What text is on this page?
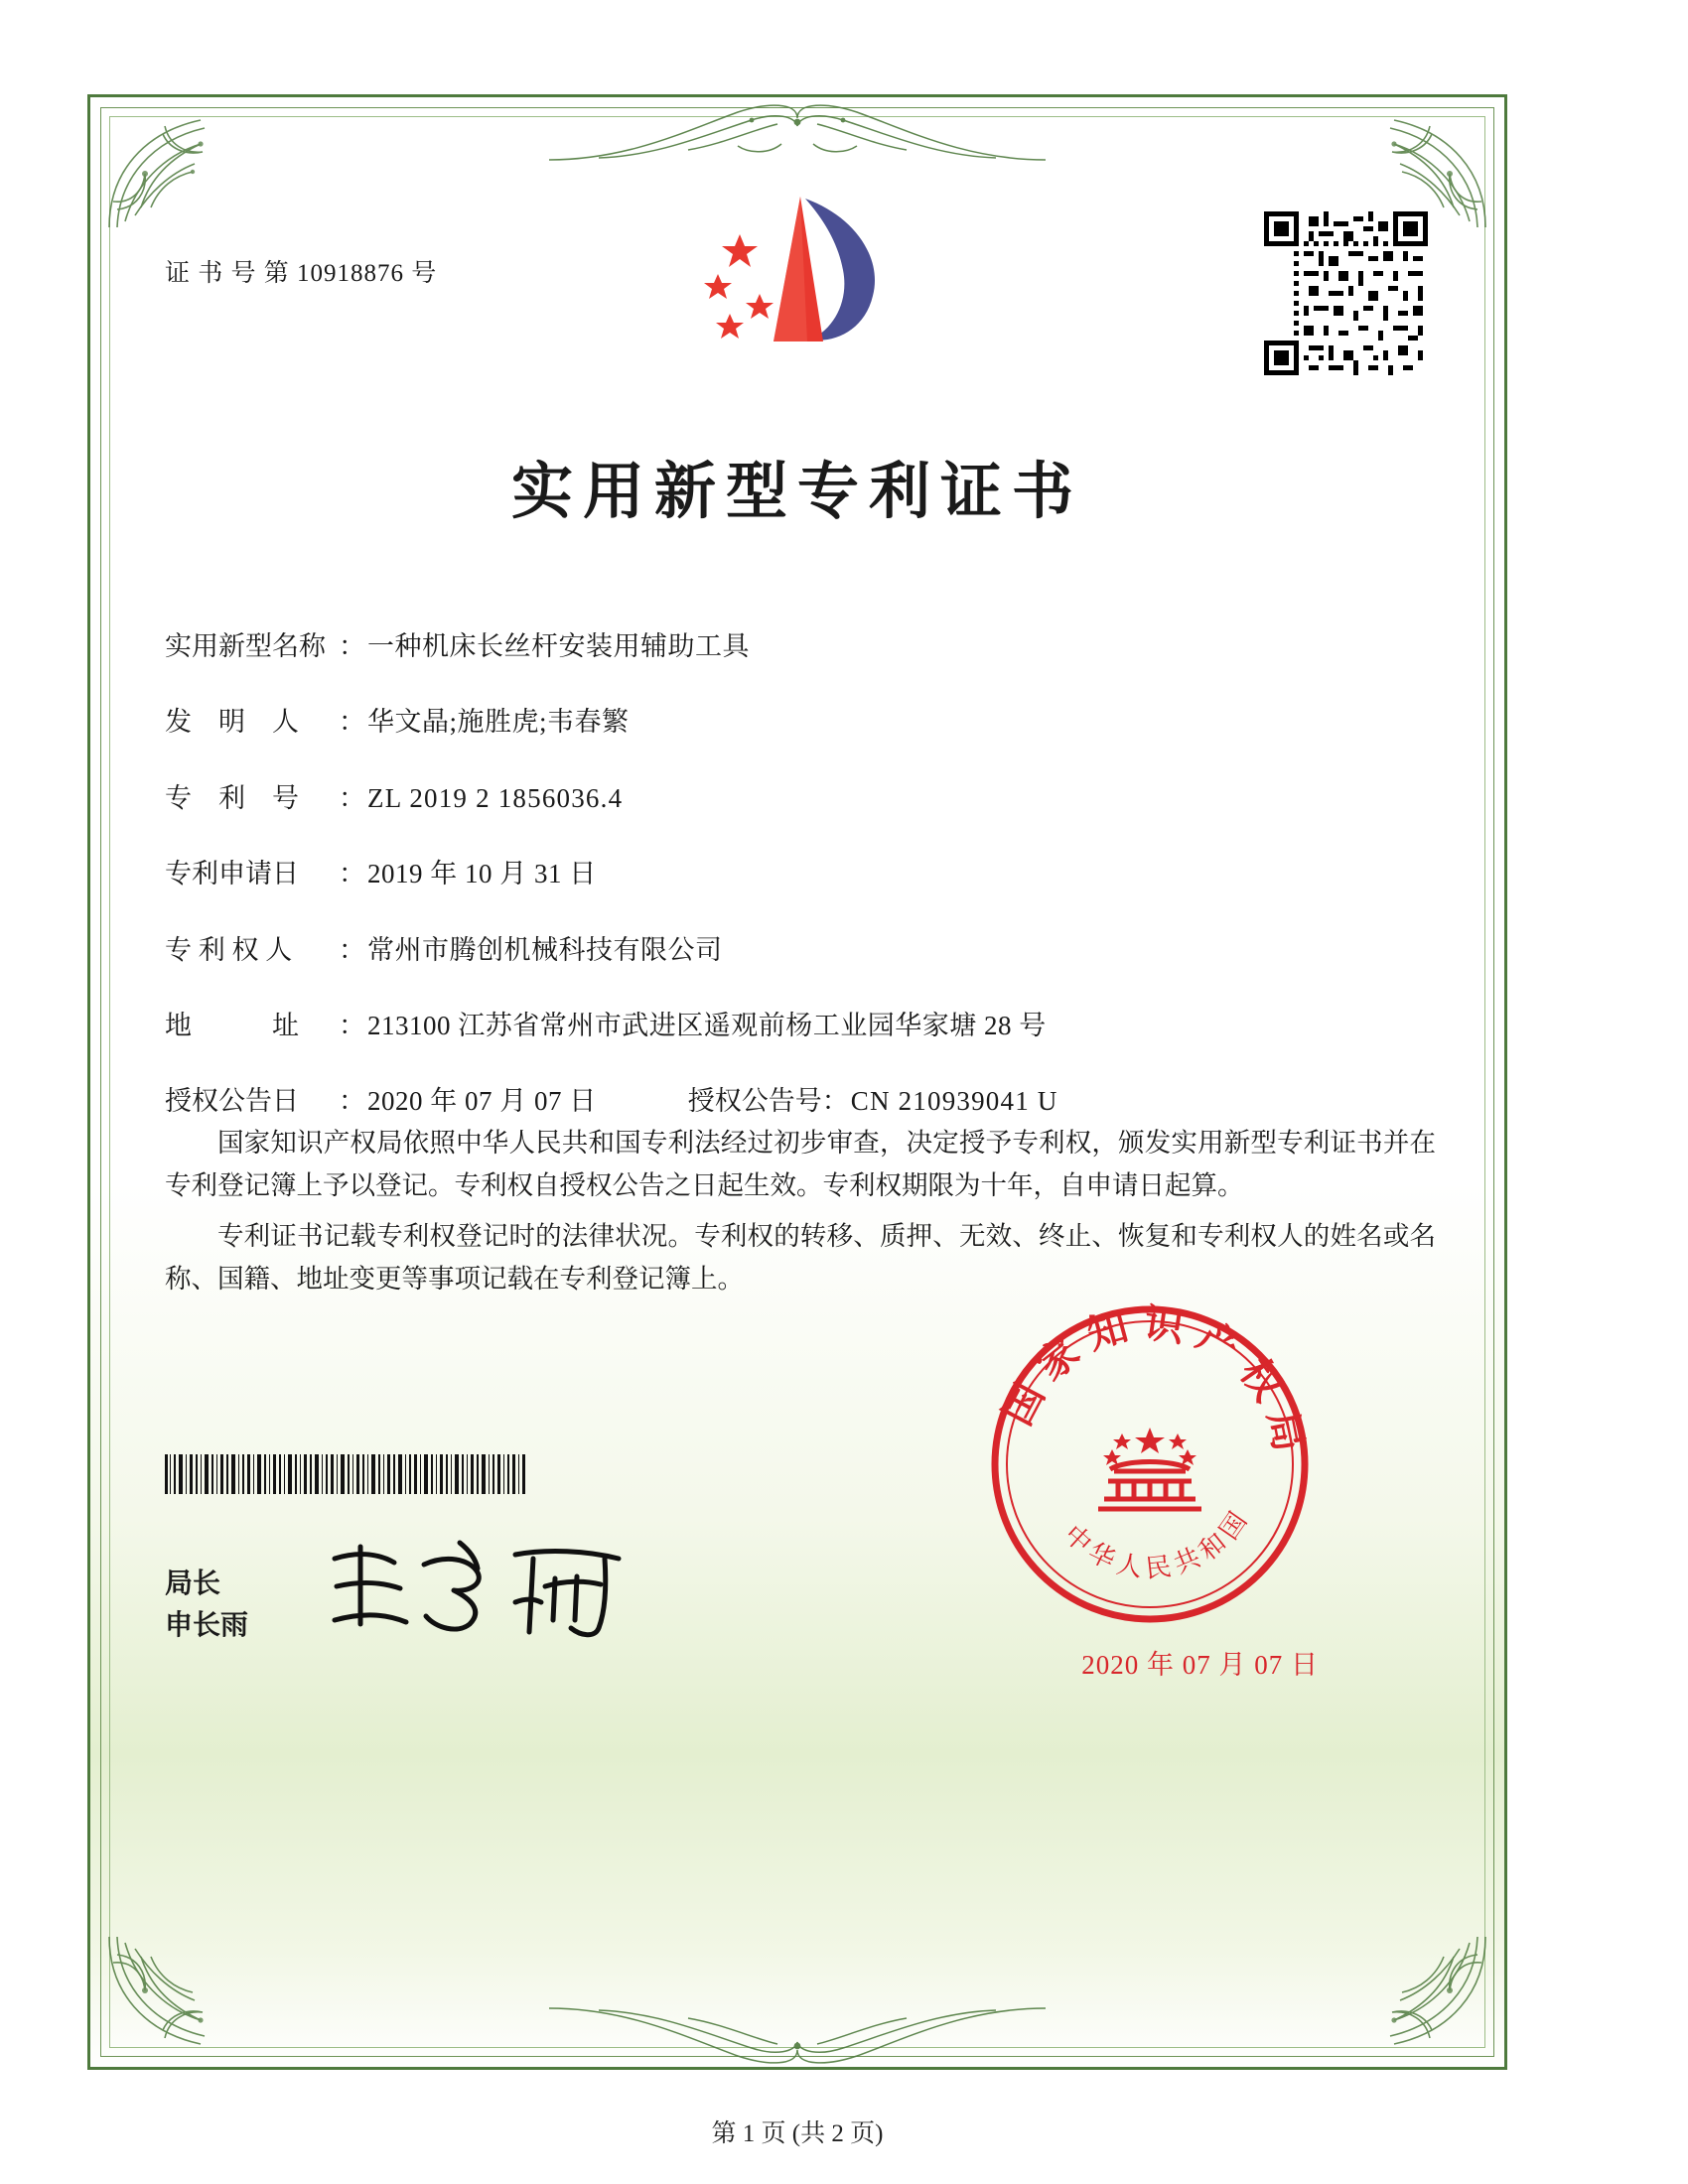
证 书 号 第 10918876 号
实用新型专利证书
实用新型名称 ： 一种机床长丝杆安装用辅助工具
发　明　人	： 华文晶;施胜虎;韦春繁
专　利　号	： ZL 2019 2 1856036.4
专利申请日	： 2019 年 10 月 31 日
专 利 权 人	： 常州市腾创机械科技有限公司
地　　　址	： 213100 江苏省常州市武进区遥观前杨工业园华家塘 28 号
授权公告日	： 2020 年 07 月 07 日	授权公告号 ： CN 210939041 U

国家知识产权局依照中华人民共和国专利法经过初步审查，决定授予专利权，颁发实用新型专利证书并在专利登记簿上予以登记。专利权自授权公告之日起生效。专利权期限为十年，自申请日起算。

专利证书记载专利权登记时的法律状况。专利权的转移、质押、无效、终止、恢复和专利权人的姓名或名称、国籍、地址变更等事项记载在专利登记簿上。

局长
申长雨
国家知识产权局
中华人民共和国
2020 年 07 月 07 日
第 1 页 (共 2 页)
